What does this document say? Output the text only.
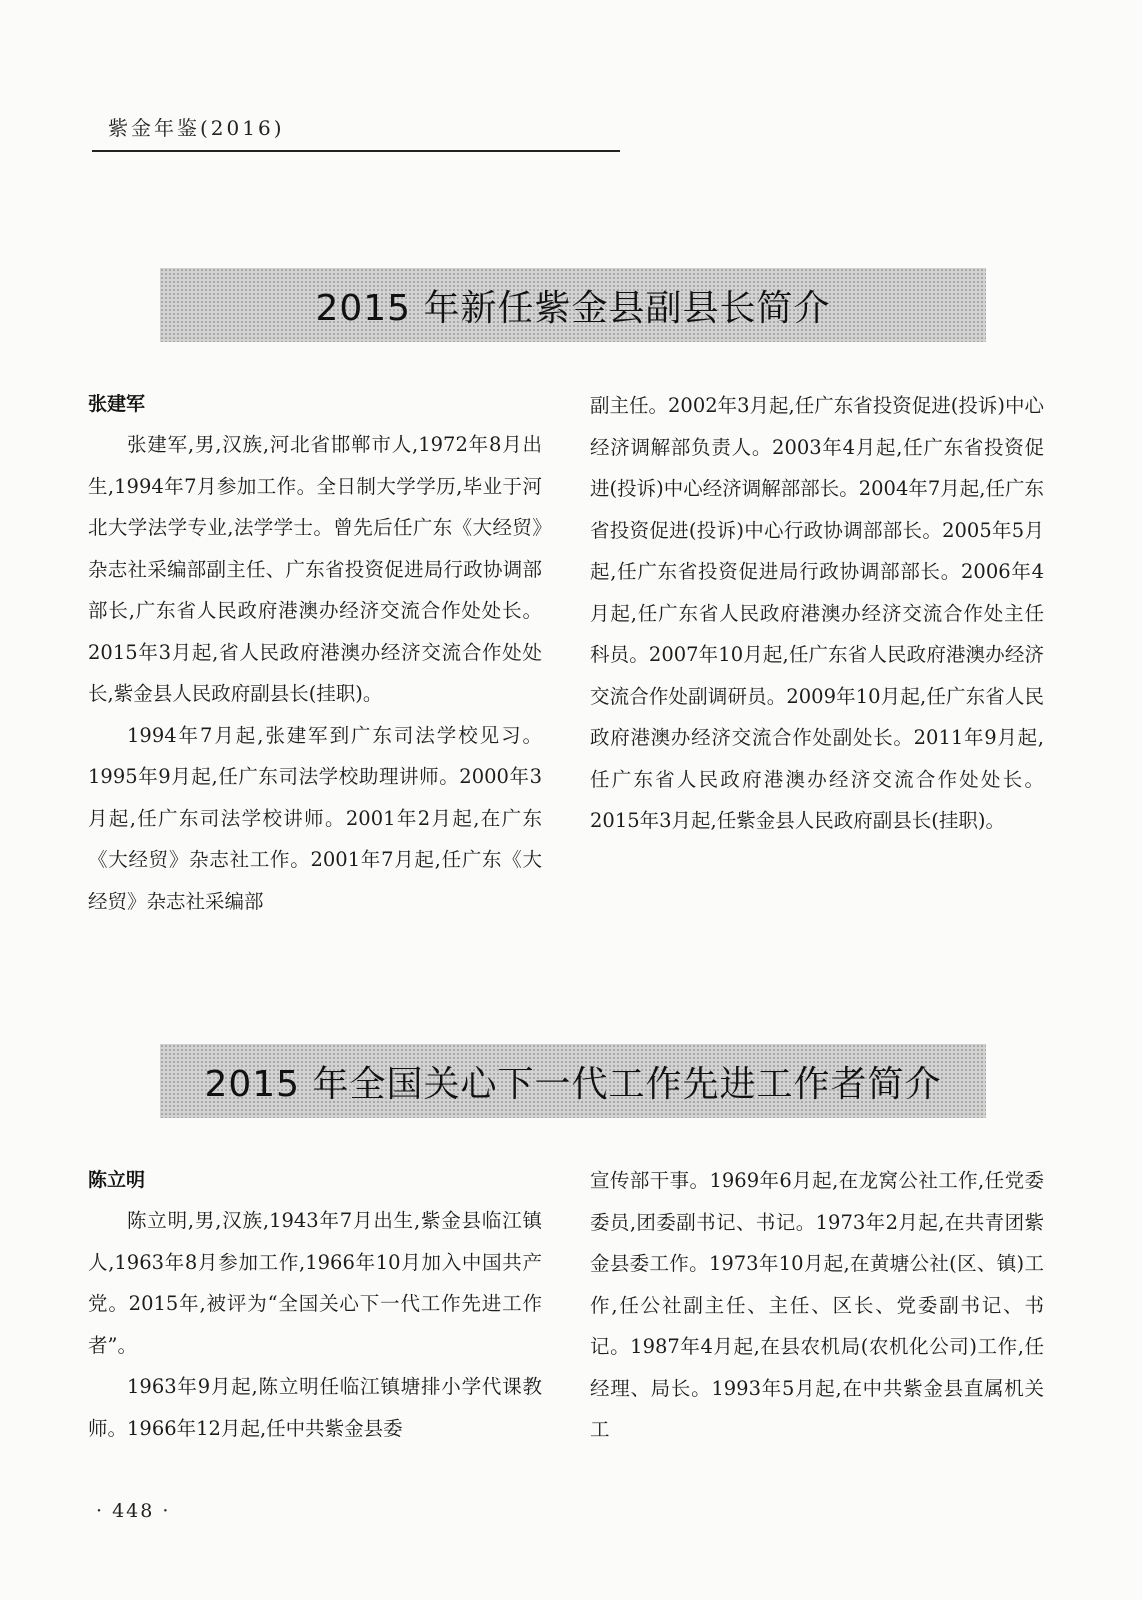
紫金年鉴(2016)
2015 年新任紫金县副县长简介
张建军

张建军,男,汉族,河北省邯郸市人,1972年8月出生,1994年7月参加工作。全日制大学学历,毕业于河北大学法学专业,法学学士。曾先后任广东《大经贸》杂志社采编部副主任、广东省投资促进局行政协调部部长,广东省人民政府港澳办经济交流合作处处长。2015年3月起,省人民政府港澳办经济交流合作处处长,紫金县人民政府副县长(挂职)。

1994年7月起,张建军到广东司法学校见习。1995年9月起,任广东司法学校助理讲师。2000年3月起,任广东司法学校讲师。2001年2月起,在广东《大经贸》杂志社工作。2001年7月起,任广东《大经贸》杂志社采编部

副主任。2002年3月起,任广东省投资促进(投诉)中心经济调解部负责人。2003年4月起,任广东省投资促进(投诉)中心经济调解部部长。2004年7月起,任广东省投资促进(投诉)中心行政协调部部长。2005年5月起,任广东省投资促进局行政协调部部长。2006年4月起,任广东省人民政府港澳办经济交流合作处主任科员。2007年10月起,任广东省人民政府港澳办经济交流合作处副调研员。2009年10月起,任广东省人民政府港澳办经济交流合作处副处长。2011年9月起,任广东省人民政府港澳办经济交流合作处处长。2015年3月起,任紫金县人民政府副县长(挂职)。

2015 年全国关心下一代工作先进工作者简介
陈立明

陈立明,男,汉族,1943年7月出生,紫金县临江镇人,1963年8月参加工作,1966年10月加入中国共产党。2015年,被评为“全国关心下一代工作先进工作者”。

1963年9月起,陈立明任临江镇塘排小学代课教师。1966年12月起,任中共紫金县委

宣传部干事。1969年6月起,在龙窝公社工作,任党委委员,团委副书记、书记。1973年2月起,在共青团紫金县委工作。1973年10月起,在黄塘公社(区、镇)工作,任公社副主任、主任、区长、党委副书记、书记。1987年4月起,在县农机局(农机化公司)工作,任经理、局长。1993年5月起,在中共紫金县直属机关工

· 448 ·
